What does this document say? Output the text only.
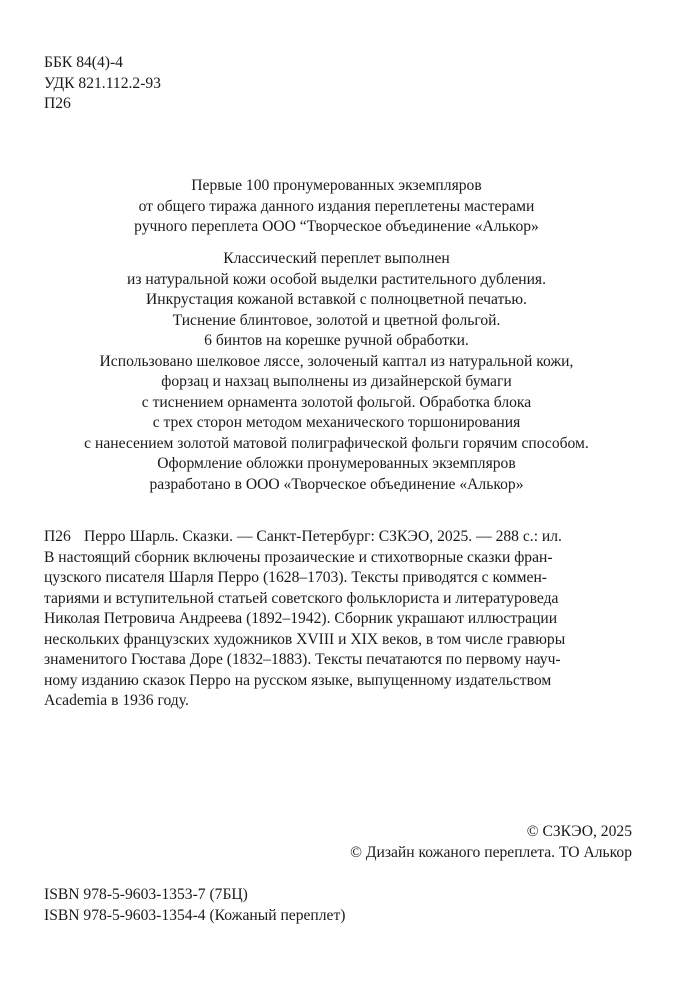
ББК 84(4)-4
УДК 821.112.2-93
П26
Первые 100 пронумерованных экземпляров
от общего тиража данного издания переплетены мастерами
ручного переплета ООО “Творческое объединение «Алькор»
Классический переплет выполнен
из натуральной кожи особой выделки растительного дубления.
Инкрустация кожаной вставкой с полноцветной печатью.
Тиснение блинтовое, золотой и цветной фольгой.
6 бинтов на корешке ручной обработки.
Использовано шелковое ляссе, золоченый каптал из натуральной кожи,
форзац и нахзац выполнены из дизайнерской бумаги
с тиснением орнамента золотой фольгой. Обработка блока
с трех сторон методом механического торшонирования
с нанесением золотой матовой полиграфической фольги горячим способом.
Оформление обложки пронумерованных экземпляров
разработано в ООО «Творческое объединение «Алькор»
П26 Перро Шарль. Сказки. — Санкт-Петербург: СЗКЭО, 2025. — 288 с.: ил.
В настоящий сборник включены прозаические и стихотворные сказки фран-
цузского писателя Шарля Перро (1628–1703). Тексты приводятся с коммен-
тариями и вступительной статьей советского фольклориста и литературоведа
Николая Петровича Андреева (1892–1942). Сборник украшают иллюстрации
нескольких французских художников XVIII и XIX веков, в том числе гравюры
знаменитого Гюстава Доре (1832–1883). Тексты печатаются по первому науч-
ному изданию сказок Перро на русском языке, выпущенному издательством
Academia в 1936 году.
© СЗКЭО, 2025
© Дизайн кожаного переплета. ТО Алькор
ISBN 978-5-9603-1353-7 (7БЦ)
ISBN 978-5-9603-1354-4 (Кожаный переплет)
